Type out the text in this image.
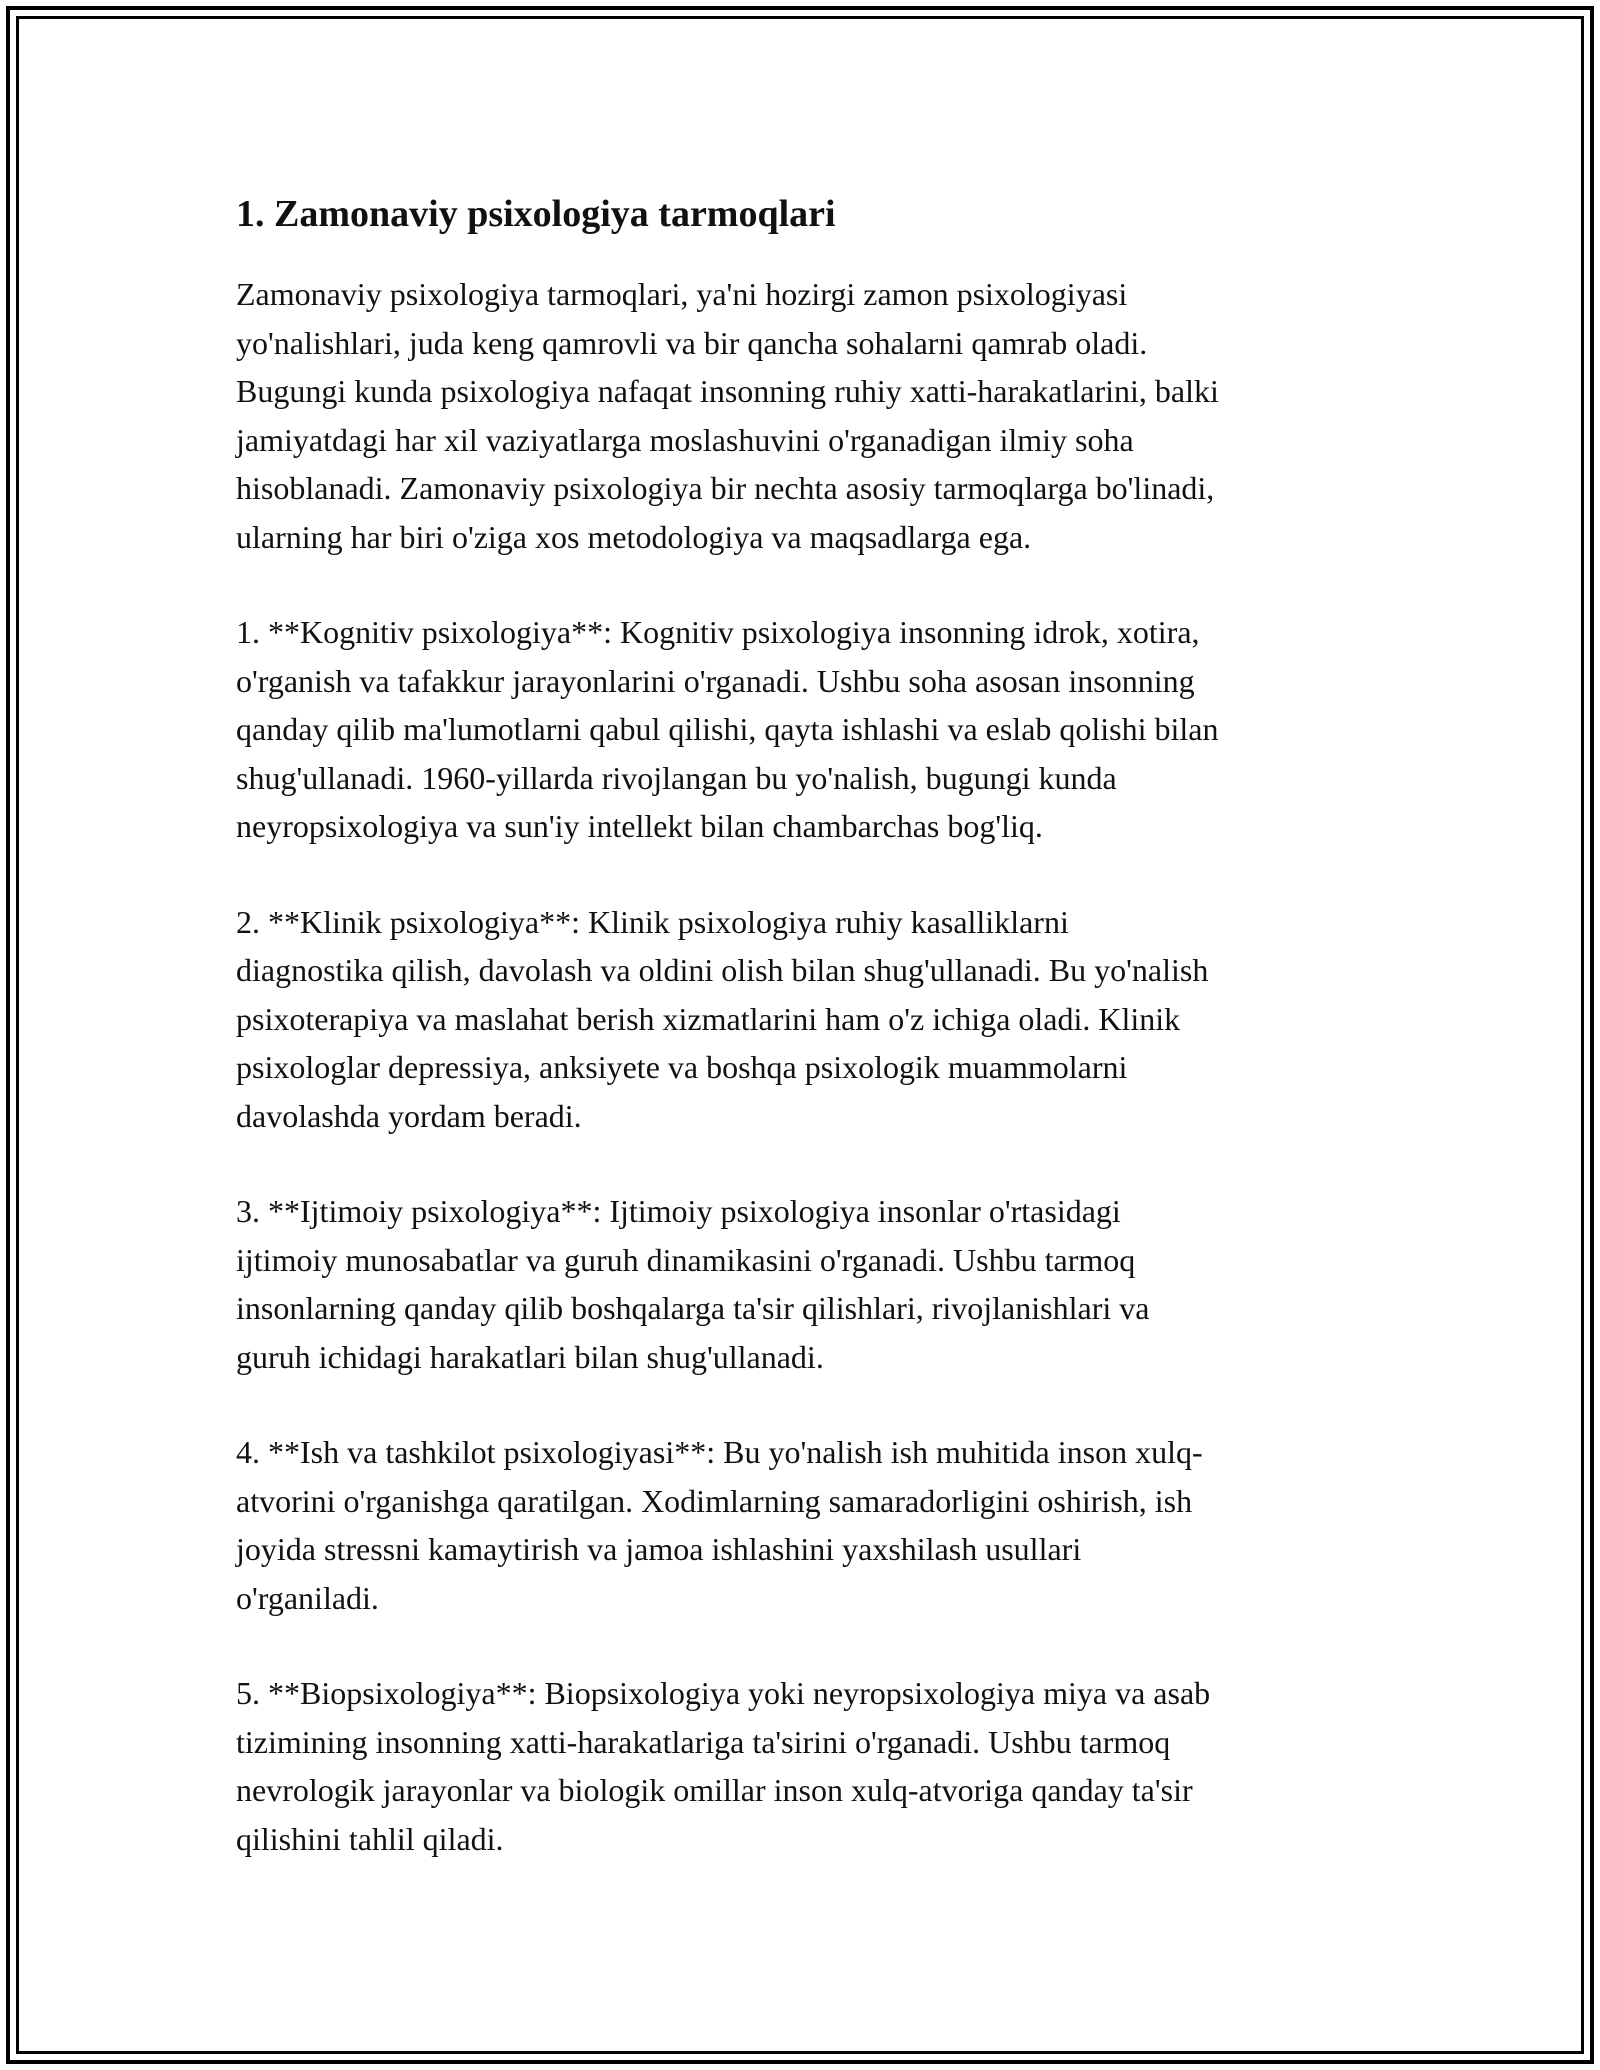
1. Zamonaviy psixologiya tarmoqlari

Zamonaviy psixologiya tarmoqlari, ya'ni hozirgi zamon psixologiyasi
yo'nalishlari, juda keng qamrovli va bir qancha sohalarni qamrab oladi.
Bugungi kunda psixologiya nafaqat insonning ruhiy xatti-harakatlarini, balki
jamiyatdagi har xil vaziyatlarga moslashuvini o'rganadigan ilmiy soha
hisoblanadi. Zamonaviy psixologiya bir nechta asosiy tarmoqlarga bo'linadi,
ularning har biri o'ziga xos metodologiya va maqsadlarga ega.

1. **Kognitiv psixologiya**: Kognitiv psixologiya insonning idrok, xotira,
o'rganish va tafakkur jarayonlarini o'rganadi. Ushbu soha asosan insonning
qanday qilib ma'lumotlarni qabul qilishi, qayta ishlashi va eslab qolishi bilan
shug'ullanadi. 1960-yillarda rivojlangan bu yo'nalish, bugungi kunda
neyropsixologiya va sun'iy intellekt bilan chambarchas bog'liq.

2. **Klinik psixologiya**: Klinik psixologiya ruhiy kasalliklarni
diagnostika qilish, davolash va oldini olish bilan shug'ullanadi. Bu yo'nalish
psixoterapiya va maslahat berish xizmatlarini ham o'z ichiga oladi. Klinik
psixologlar depressiya, anksiyete va boshqa psixologik muammolarni
davolashda yordam beradi.

3. **Ijtimoiy psixologiya**: Ijtimoiy psixologiya insonlar o'rtasidagi
ijtimoiy munosabatlar va guruh dinamikasini o'rganadi. Ushbu tarmoq
insonlarning qanday qilib boshqalarga ta'sir qilishlari, rivojlanishlari va
guruh ichidagi harakatlari bilan shug'ullanadi.

4. **Ish va tashkilot psixologiyasi**: Bu yo'nalish ish muhitida inson xulq-
atvorini o'rganishga qaratilgan. Xodimlarning samaradorligini oshirish, ish
joyida stressni kamaytirish va jamoa ishlashini yaxshilash usullari
o'rganiladi.

5. **Biopsixologiya**: Biopsixologiya yoki neyropsixologiya miya va asab
tizimining insonning xatti-harakatlariga ta'sirini o'rganadi. Ushbu tarmoq
nevrologik jarayonlar va biologik omillar inson xulq-atvoriga qanday ta'sir
qilishini tahlil qiladi.
